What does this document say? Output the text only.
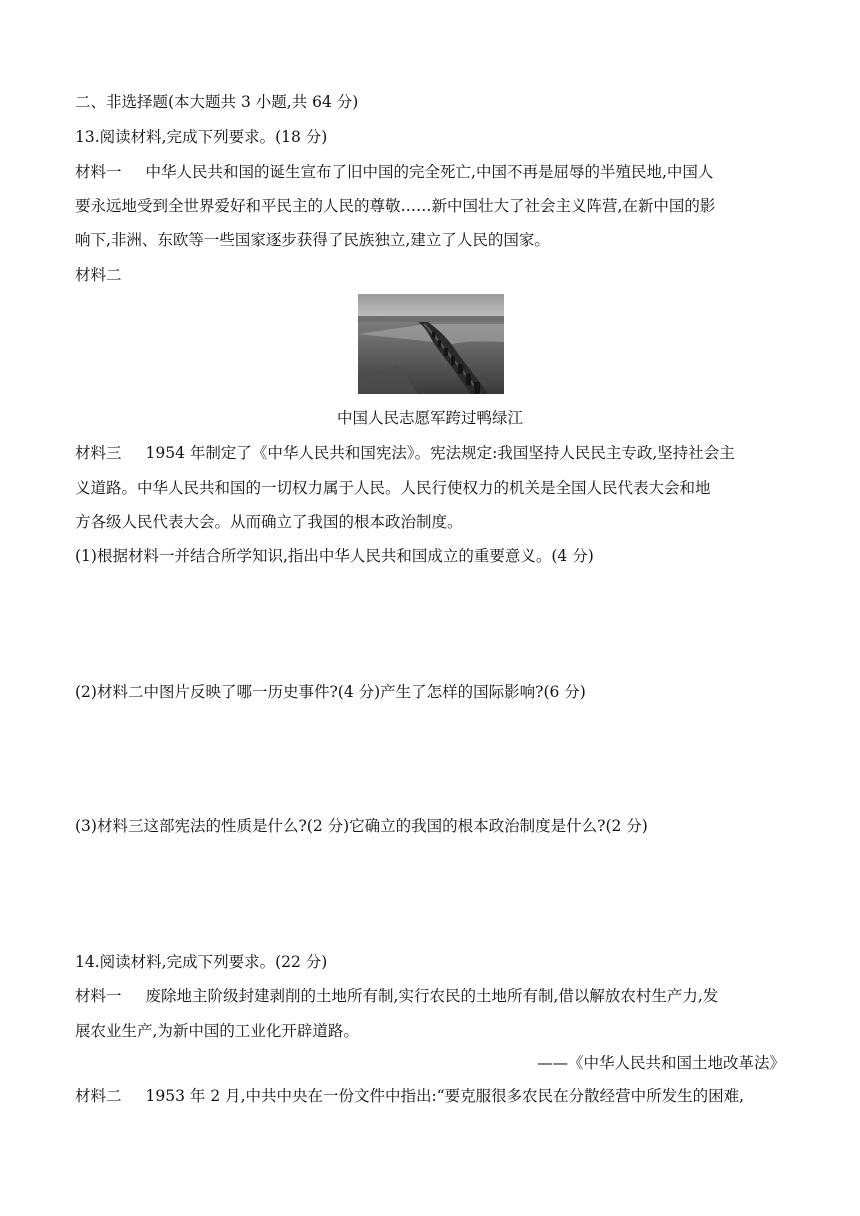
二、非选择题(本大题共 3 小题,共 64 分)
13.阅读材料,完成下列要求。(18 分)
材料一 中华人民共和国的诞生宣布了旧中国的完全死亡,中国不再是屈辱的半殖民地,中国人
要永远地受到全世界爱好和平民主的人民的尊敬……新中国壮大了社会主义阵营,在新中国的影
响下,非洲、东欧等一些国家逐步获得了民族独立,建立了人民的国家。
材料二
中国人民志愿军跨过鸭绿江
材料三 1954 年制定了《中华人民共和国宪法》。宪法规定:我国坚持人民民主专政,坚持社会主
义道路。中华人民共和国的一切权力属于人民。人民行使权力的机关是全国人民代表大会和地
方各级人民代表大会。从而确立了我国的根本政治制度。
(1)根据材料一并结合所学知识,指出中华人民共和国成立的重要意义。(4 分)
(2)材料二中图片反映了哪一历史事件?(4 分)产生了怎样的国际影响?(6 分)
(3)材料三这部宪法的性质是什么?(2 分)它确立的我国的根本政治制度是什么?(2 分)
14.阅读材料,完成下列要求。(22 分)
材料一 废除地主阶级封建剥削的土地所有制,实行农民的土地所有制,借以解放农村生产力,发
展农业生产,为新中国的工业化开辟道路。
——《中华人民共和国土地改革法》
材料二 1953 年 2 月,中共中央在一份文件中指出:“要克服很多农民在分散经营中所发生的困难,
